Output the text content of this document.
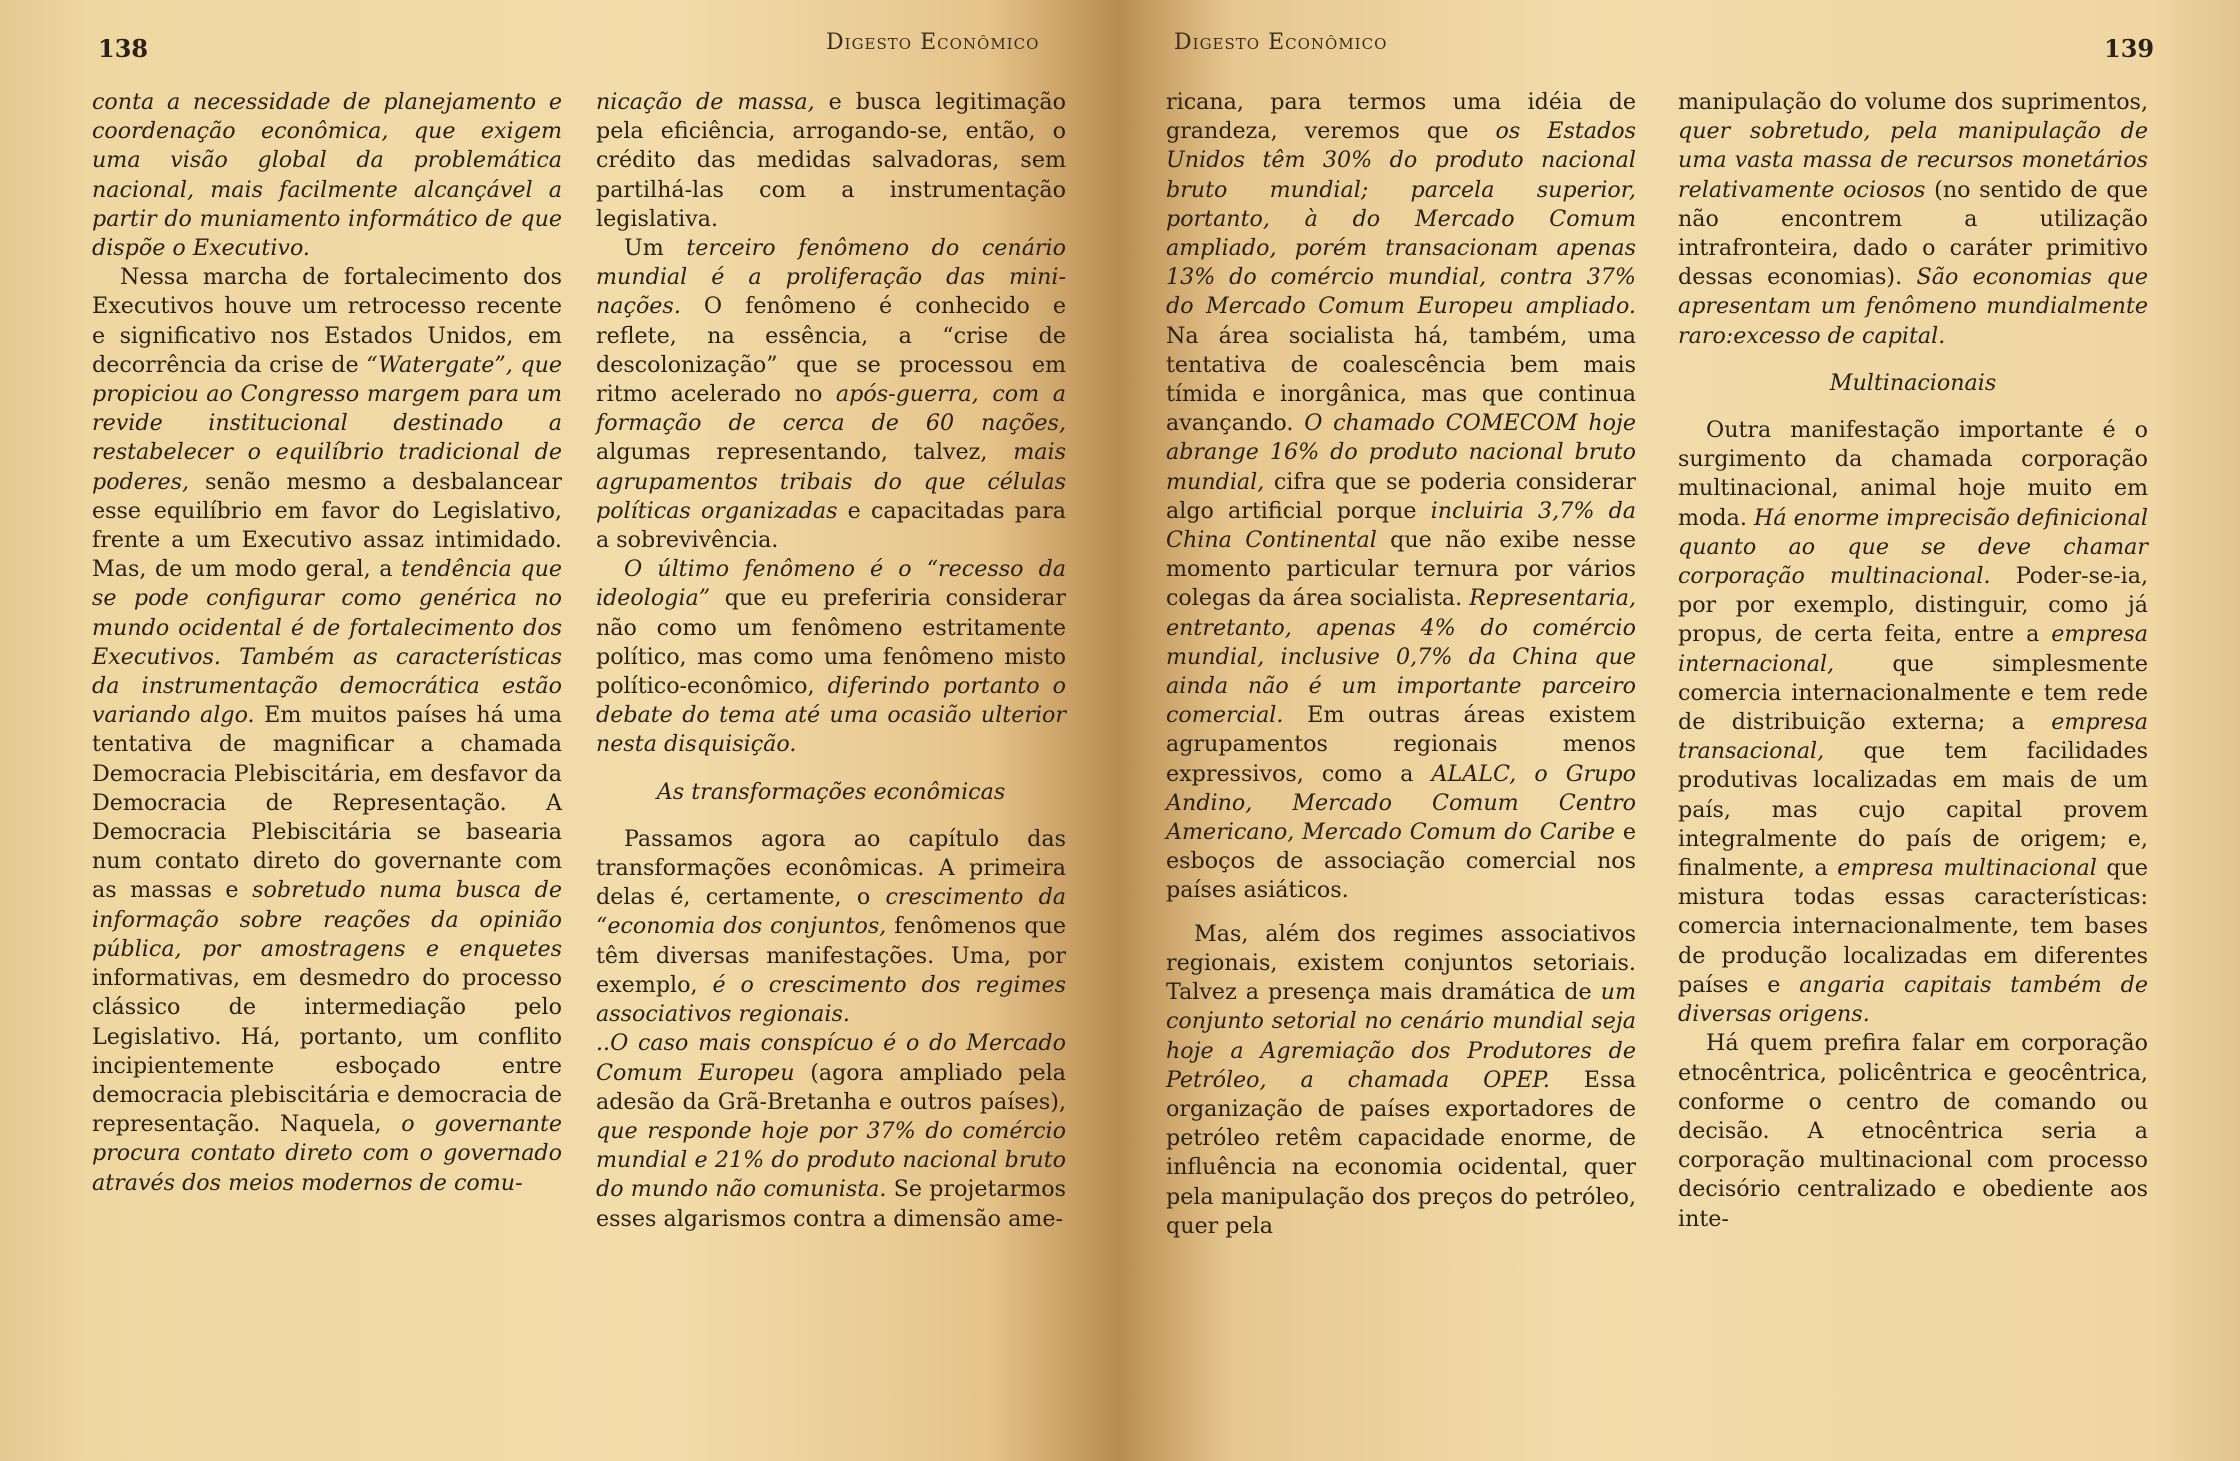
138	Digesto Econômico

conta a necessidade de planejamento e coordenação econômica, que exigem uma visão global da problemática nacional, mais facilmente alcançável a partir do muniamento informático de que dispõe o Executivo.

Nessa marcha de fortalecimento dos Executivos houve um retrocesso recente e significativo nos Estados Unidos, em decorrência da crise de “Watergate”, que propiciou ao Congresso margem para um revide institucional destinado a restabelecer o equilíbrio tradicional de poderes, senão mesmo a desbalancear esse equilíbrio em favor do Legislativo, frente a um Executivo assaz intimidado. Mas, de um modo geral, a tendência que se pode configurar como genérica no mundo ocidental é de fortalecimento dos Executivos. Também as características da instrumentação democrática estão variando algo. Em muitos países há uma tentativa de magnificar a chamada Democracia Plebiscitária, em desfavor da Democracia de Representação. A Democracia Plebiscitária se basearia num contato direto do governante com as massas e sobretudo numa busca de informação sobre reações da opinião pública, por amostragens e enquetes informativas, em desmedro do processo clássico de intermediação pelo Legislativo. Há, portanto, um conflito incipientemente esboçado entre democracia plebiscitária e democracia de representação. Naquela, o governante procura contato direto com o governado através dos meios modernos de comu-

nicação de massa, e busca legitimação pela eficiência, arrogando-se, então, o crédito das medidas salvadoras, sem partilhá-las com a instrumentação legislativa.

Um terceiro fenômeno do cenário mundial é a proliferação das mini-nações. O fenômeno é conhecido e reflete, na essência, a “crise de descolonização” que se processou em ritmo acelerado no após-guerra, com a formação de cerca de 60 nações, algumas representando, talvez, mais agrupamentos tribais do que células políticas organizadas e capacitadas para a sobrevivência.

O último fenômeno é o “recesso da ideologia” que eu preferiria considerar não como um fenômeno estritamente político, mas como uma fenômeno misto político-econômico, diferindo portanto o debate do tema até uma ocasião ulterior nesta disquisição.

As transformações econômicas

Passamos agora ao capítulo das transformações econômicas. A primeira delas é, certamente, o crescimento da “economia dos conjuntos, fenômenos que têm diversas manifestações. Uma, por exemplo, é o crescimento dos regimes associativos regionais.

..O caso mais conspícuo é o do Mercado Comum Europeu (agora ampliado pela adesão da Grã-Bretanha e outros países), que responde hoje por 37% do comércio mundial e 21% do produto nacional bruto do mundo não comunista. Se projetarmos esses algarismos contra a dimensão ame-

Digesto Econômico	139

ricana, para termos uma idéia de grandeza, veremos que os Estados Unidos têm 30% do produto nacional bruto mundial; parcela superior, portanto, à do Mercado Comum ampliado, porém transacionam apenas 13% do comércio mundial, contra 37% do Mercado Comum Europeu ampliado. Na área socialista há, também, uma tentativa de coalescência bem mais tímida e inorgânica, mas que continua avançando. O chamado COMECOM hoje abrange 16% do produto nacional bruto mundial, cifra que se poderia considerar algo artificial porque incluiria 3,7% da China Continental que não exibe nesse momento particular ternura por vários colegas da área socialista. Representaria, entretanto, apenas 4% do comércio mundial, inclusive 0,7% da China que ainda não é um importante parceiro comercial. Em outras áreas existem agrupamentos regionais menos expressivos, como a ALALC, o Grupo Andino, Mercado Comum Centro Americano, Mercado Comum do Caribe e esboços de associação comercial nos países asiáticos.

Mas, além dos regimes associativos regionais, existem conjuntos setoriais. Talvez a presença mais dramática de um conjunto setorial no cenário mundial seja hoje a Agremiação dos Produtores de Petróleo, a chamada OPEP. Essa organização de países exportadores de petróleo retêm capacidade enorme, de influência na economia ocidental, quer pela manipulação dos preços do petróleo, quer pela

manipulação do volume dos suprimentos, quer sobretudo, pela manipulação de uma vasta massa de recursos monetários relativamente ociosos (no sentido de que não encontrem a utilização intrafronteira, dado o caráter primitivo dessas economias). São economias que apresentam um fenômeno mundialmente raro:excesso de capital.

Multinacionais

Outra manifestação importante é o surgimento da chamada corporação multinacional, animal hoje muito em moda. Há enorme imprecisão definicional quanto ao que se deve chamar corporação multinacional. Poder-se-ia, por por exemplo, distinguir, como já propus, de certa feita, entre a empresa internacional, que simplesmente comercia internacionalmente e tem rede de distribuição externa; a empresa transacional, que tem facilidades produtivas localizadas em mais de um país, mas cujo capital provem integralmente do país de origem; e, finalmente, a empresa multinacional que mistura todas essas características: comercia internacionalmente, tem bases de produção localizadas em diferentes países e angaria capitais também de diversas origens.

Há quem prefira falar em corporação etnocêntrica, policêntrica e geocêntrica, conforme o centro de comando ou decisão. A etnocêntrica seria a corporação multinacional com processo decisório centralizado e obediente aos inte-
